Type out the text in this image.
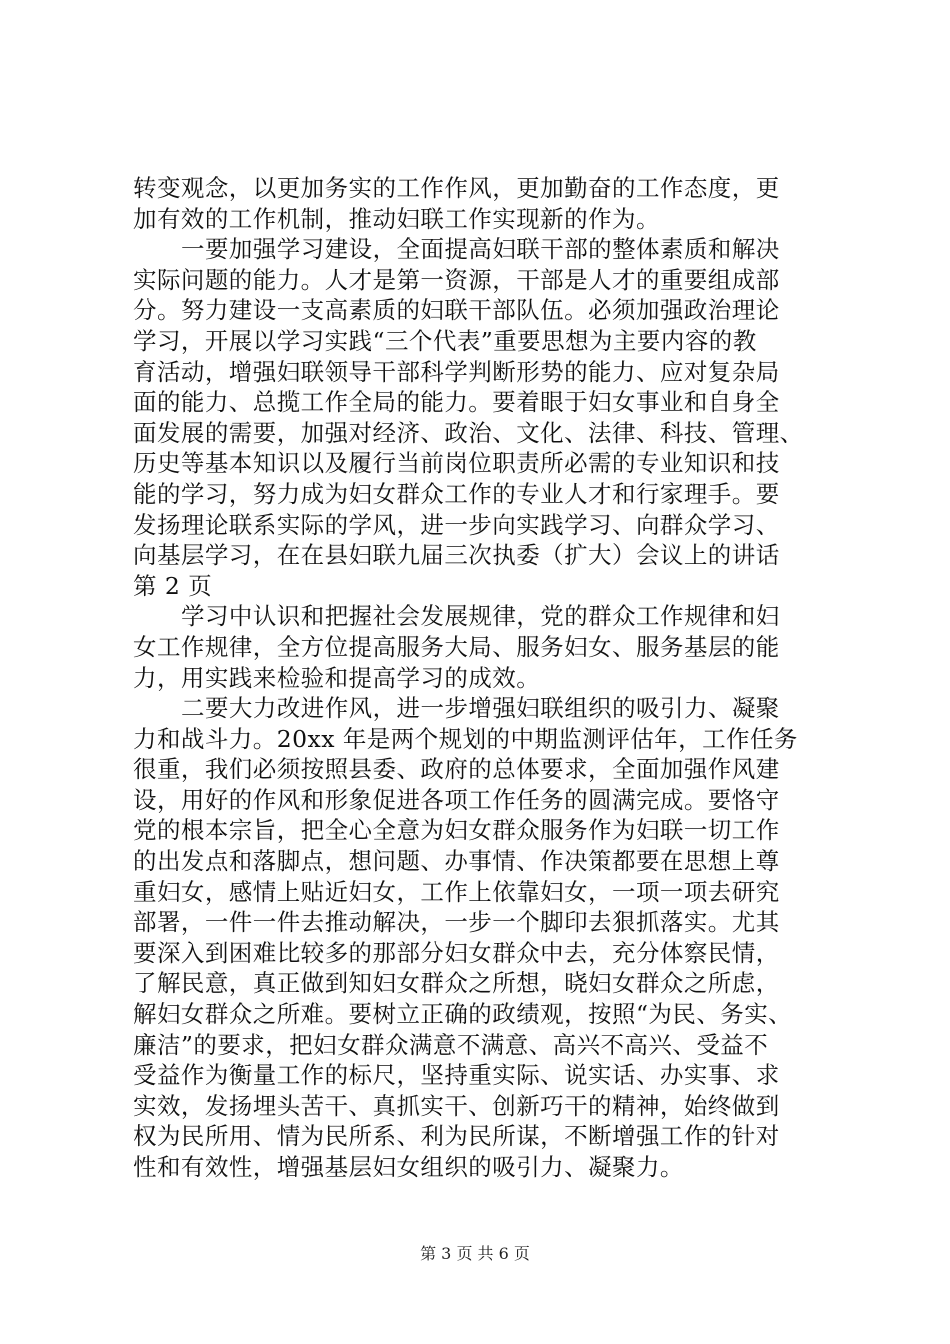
转变观念，以更加务实的工作作风，更加勤奋的工作态度，更
加有效的工作机制，推动妇联工作实现新的作为。
一要加强学习建设，全面提高妇联干部的整体素质和解决
实际问题的能力。人才是第一资源，干部是人才的重要组成部
分。努力建设一支高素质的妇联干部队伍。必须加强政治理论
学习，开展以学习实践“三个代表”重要思想为主要内容的教
育活动，增强妇联领导干部科学判断形势的能力、应对复杂局
面的能力、总揽工作全局的能力。要着眼于妇女事业和自身全
面发展的需要，加强对经济、政治、文化、法律、科技、管理、
历史等基本知识以及履行当前岗位职责所必需的专业知识和技
能的学习，努力成为妇女群众工作的专业人才和行家理手。要
发扬理论联系实际的学风，进一步向实践学习、向群众学习、
向基层学习，在在县妇联九届三次执委（扩大）会议上的讲话
第 2 页
学习中认识和把握社会发展规律，党的群众工作规律和妇
女工作规律，全方位提高服务大局、服务妇女、服务基层的能
力，用实践来检验和提高学习的成效。
二要大力改进作风，进一步增强妇联组织的吸引力、凝聚
力和战斗力。20xx 年是两个规划的中期监测评估年，工作任务
很重，我们必须按照县委、政府的总体要求，全面加强作风建
设，用好的作风和形象促进各项工作任务的圆满完成。要恪守
党的根本宗旨，把全心全意为妇女群众服务作为妇联一切工作
的出发点和落脚点，想问题、办事情、作决策都要在思想上尊
重妇女，感情上贴近妇女，工作上依靠妇女，一项一项去研究
部署，一件一件去推动解决，一步一个脚印去狠抓落实。尤其
要深入到困难比较多的那部分妇女群众中去，充分体察民情，
了解民意，真正做到知妇女群众之所想，晓妇女群众之所虑，
解妇女群众之所难。要树立正确的政绩观，按照“为民、务实、
廉洁”的要求，把妇女群众满意不满意、高兴不高兴、受益不
受益作为衡量工作的标尺，坚持重实际、说实话、办实事、求
实效，发扬埋头苦干、真抓实干、创新巧干的精神，始终做到
权为民所用、情为民所系、利为民所谋，不断增强工作的针对
性和有效性，增强基层妇女组织的吸引力、凝聚力。
第 3 页 共 6 页
